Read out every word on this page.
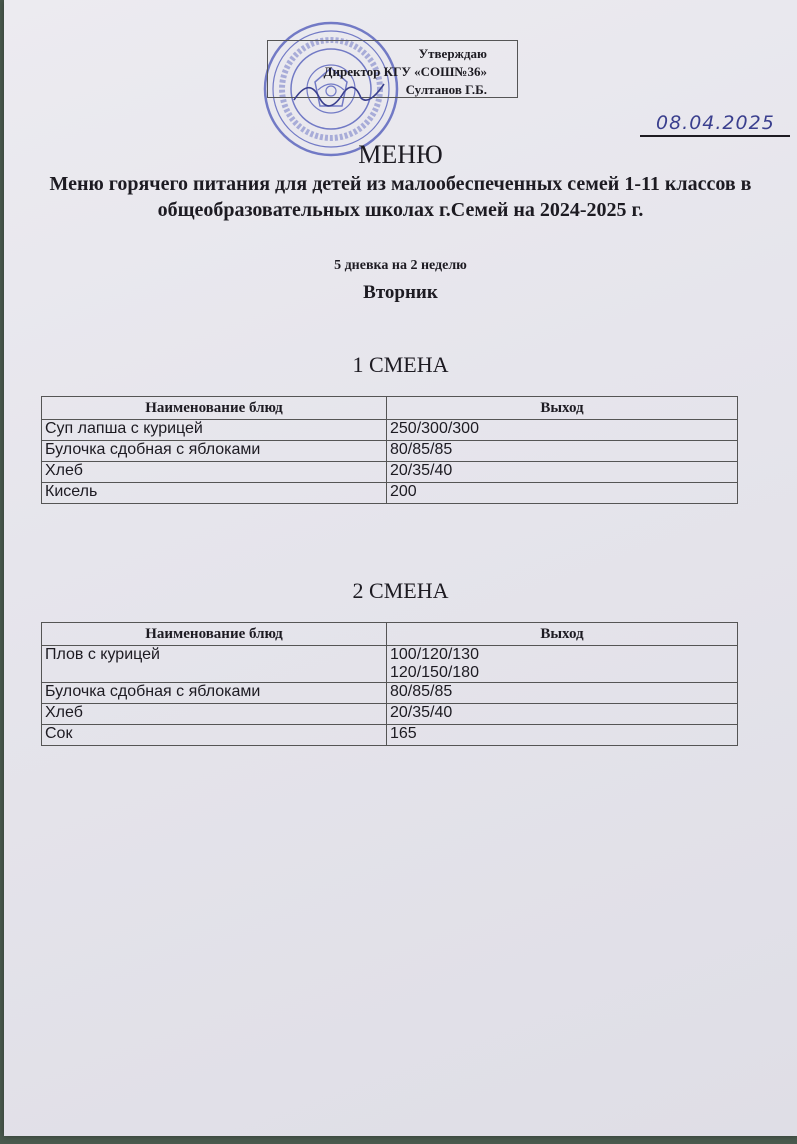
Утверждаю
Директор КГУ «СОШ№36»
Султанов Г.Б.
08.04.2025
МЕНЮ
Меню горячего питания для детей из малообеспеченных семей 1-11 классов в общеобразовательных школах г.Семей на 2024-2025 г.
5 дневка на 2 неделю
Вторник
1 СМЕНА
Наименование блюд	Выход
Суп лапша с курицей	250/300/300
Булочка сдобная с яблоками	80/85/85
Хлеб	20/35/40
Кисель	200
2 СМЕНА
Наименование блюд	Выход
Плов с курицей	100/120/130
120/150/180

Булочка сдобная с яблоками	80/85/85
Хлеб	20/35/40
Сок	165
